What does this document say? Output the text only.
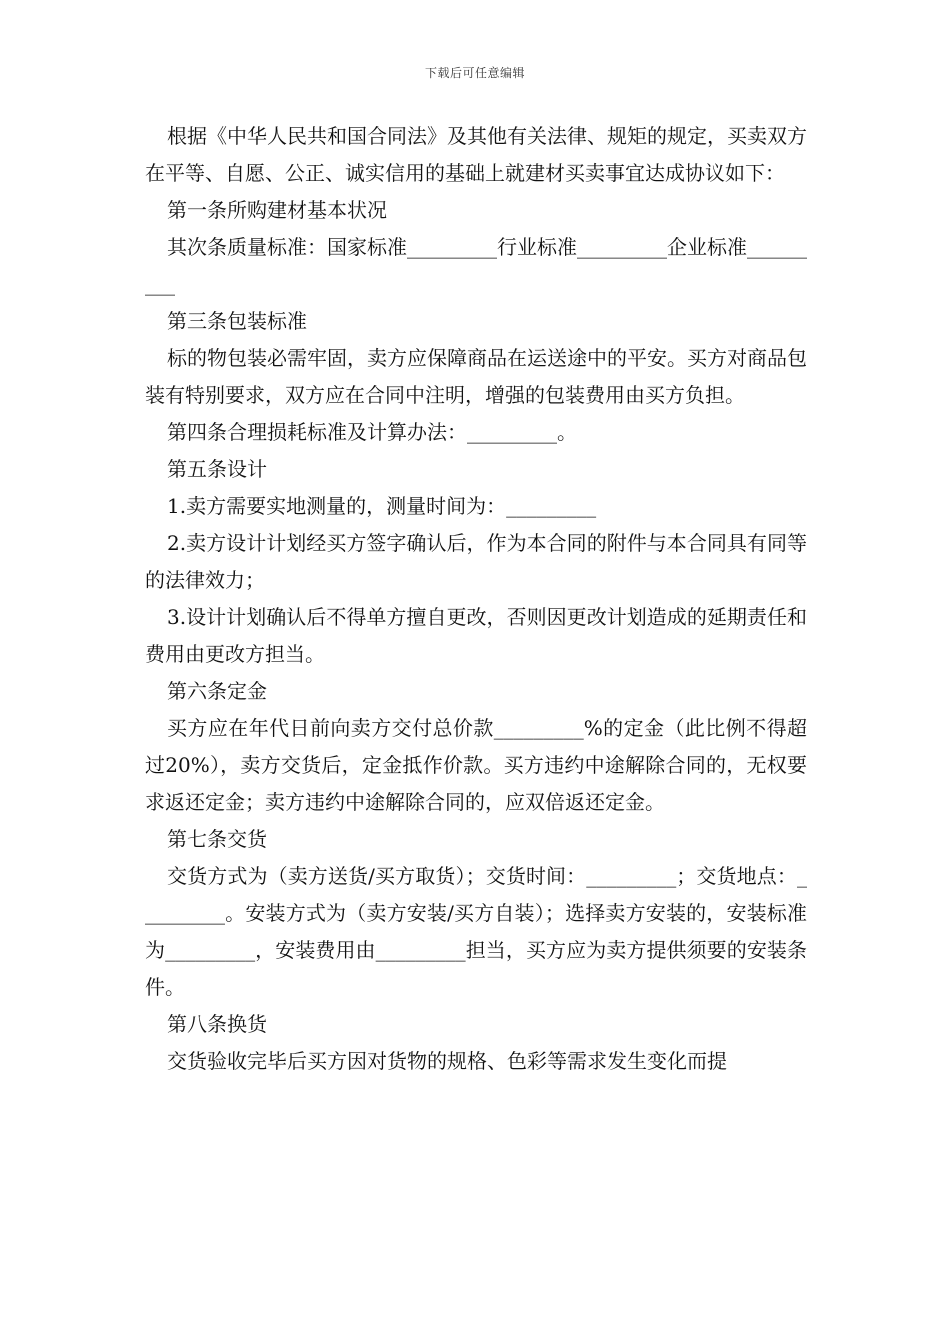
下载后可任意编辑

根据《中华人民共和国合同法》及其他有关法律、规矩的规定，买卖双方在平等、自愿、公正、诚实信用的基础上就建材买卖事宜达成协议如下：

第一条所购建材基本状况

其次条质量标准：国家标准_________行业标准_________企业标准_________

第三条包装标准

标的物包装必需牢固，卖方应保障商品在运送途中的平安。买方对商品包装有特别要求，双方应在合同中注明，增强的包装费用由买方负担。

第四条合理损耗标准及计算办法：_________。

第五条设计

1.卖方需要实地测量的，测量时间为：_________

2.卖方设计计划经买方签字确认后，作为本合同的附件与本合同具有同等的法律效力；

3.设计计划确认后不得单方擅自更改，否则因更改计划造成的延期责任和费用由更改方担当。

第六条定金

买方应在年代日前向卖方交付总价款_________%的定金（此比例不得超过20%），卖方交货后，定金抵作价款。买方违约中途解除合同的，无权要求返还定金；卖方违约中途解除合同的，应双倍返还定金。

第七条交货

交货方式为（卖方送货/买方取货）；交货时间：_________；交货地点：_________。安装方式为（卖方安装/买方自装）；选择卖方安装的，安装标准为_________，安装费用由_________担当，买方应为卖方提供须要的安装条件。

第八条换货

交货验收完毕后买方因对货物的规格、色彩等需求发生变化而提
